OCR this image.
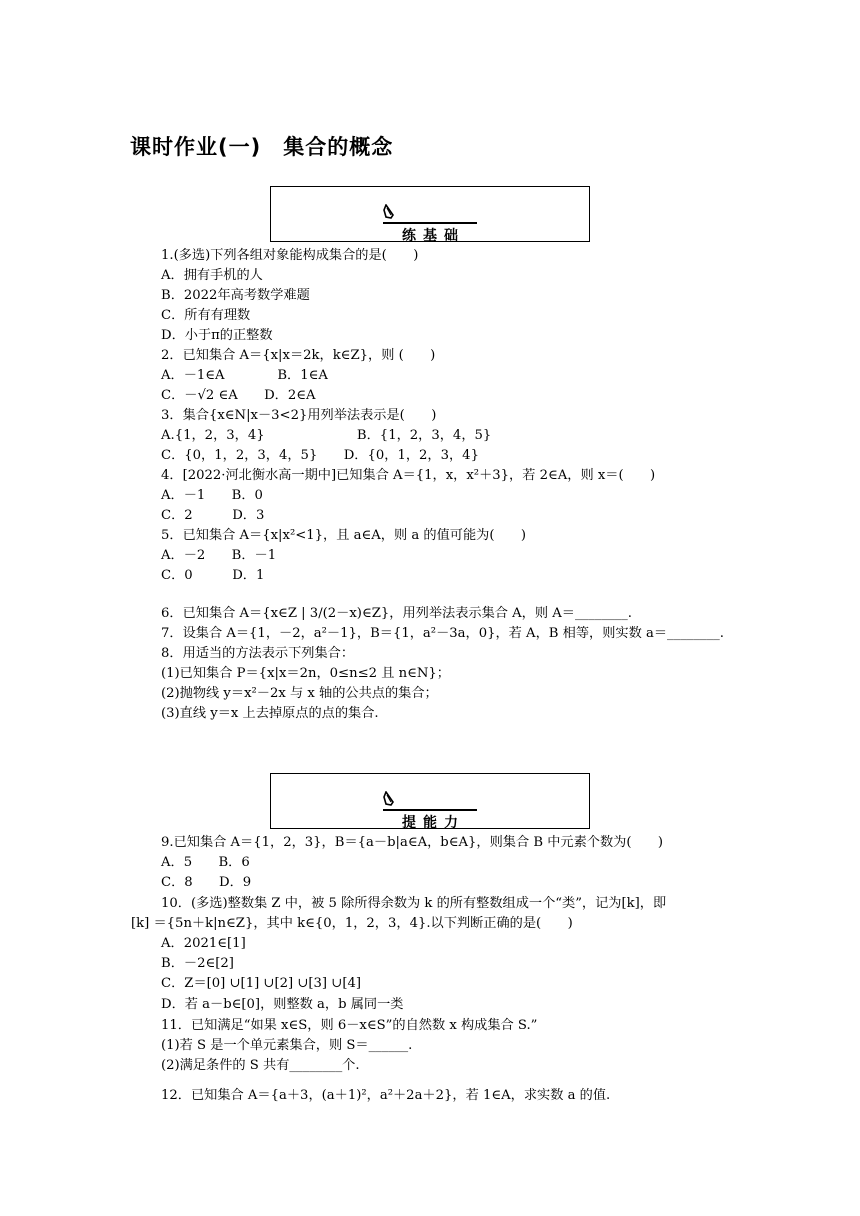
课时作业(一)　集合的概念
练基础
提能力
1.(多选)下列各组对象能构成集合的是(　　)
A．拥有手机的人
B．2022年高考数学难题
C．所有有理数
D．小于π的正整数
2．已知集合 A＝{x|x＝2k，k∈Z}，则 (　　)
A．－1∈A　　　　B．1∈A
C．－√2 ∈A　　D．2∈A
3．集合{x∈N|x－3<2}用列举法表示是(　　)
A.{1，2，3，4}　　　　　　　B．{1，2，3，4，5}
C．{0，1，2，3，4，5}　　D．{0，1，2，3，4}
4．[2022·河北衡水高一期中]已知集合 A＝{1，x，x²＋3}，若 2∈A，则 x＝(　　)
A．－1　　B．0
C．2　　　D．3
5．已知集合 A＝{x|x²<1}，且 a∈A，则 a 的值可能为(　　)
A．－2　　B．－1
C．0　　　D．1
6．已知集合 A＝{x∈Z | 3/(2－x)∈Z}，用列举法表示集合 A，则 A＝________.
7．设集合 A＝{1，－2，a²－1}，B＝{1，a²－3a，0}，若 A，B 相等，则实数 a＝________.
8．用适当的方法表示下列集合：
(1)已知集合 P＝{x|x＝2n，0≤n≤2 且 n∈N}；
(2)抛物线 y＝x²－2x 与 x 轴的公共点的集合；
(3)直线 y＝x 上去掉原点的点的集合.
9.已知集合 A＝{1，2，3}，B＝{a－b|a∈A，b∈A}，则集合 B 中元素个数为(　　)
A．5　　B．6
C．8　　D．9
10．(多选)整数集 Z 中，被 5 除所得余数为 k 的所有整数组成一个“类”，记为[k]，即
[k] ＝{5n＋k|n∈Z}，其中 k∈{0，1，2，3，4}.以下判断正确的是(　　)
A．2021∈[1]
B．－2∈[2]
C．Z＝[0] ∪[1] ∪[2] ∪[3] ∪[4]
D．若 a－b∈[0]，则整数 a，b 属同一类
11．已知满足“如果 x∈S，则 6－x∈S”的自然数 x 构成集合 S.”
(1)若 S 是一个单元素集合，则 S＝______.
(2)满足条件的 S 共有________个.
12．已知集合 A＝{a＋3，(a＋1)²，a²＋2a＋2}，若 1∈A，求实数 a 的值.
